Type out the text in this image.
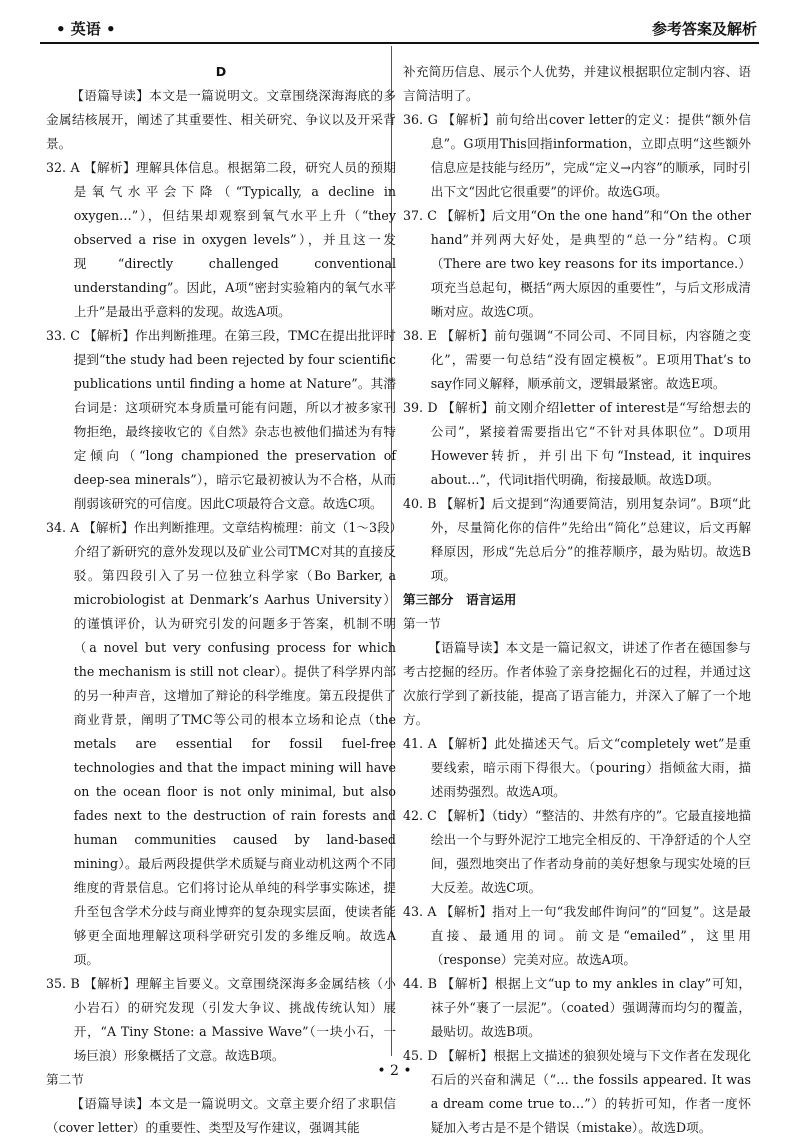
• 英语 •	参考答案及解析

D

【语篇导读】本文是一篇说明文。文章围绕深海海底的多金属结核展开，阐述了其重要性、相关研究、争议以及开采背景。

32. A 【解析】理解具体信息。根据第二段，研究人员的预期是氧气水平会下降（“Typically, a decline in oxygen…”），但结果却观察到氧气水平上升（“they observed a rise in oxygen levels”），并且这一发现“directly challenged conventional understanding”。因此，A项“密封实验箱内的氧气水平上升”是最出乎意料的发现。故选A项。

33. C 【解析】作出判断推理。在第三段，TMC在提出批评时提到“the study had been rejected by four scientific publications until finding a home at Nature”。其潜台词是：这项研究本身质量可能有问题，所以才被多家刊物拒绝，最终接收它的《自然》杂志也被他们描述为有特定倾向（“long championed the preservation of deep-sea minerals”），暗示它最初被认为不合格，从而削弱该研究的可信度。因此C项最符合文意。故选C项。

34. A 【解析】作出判断推理。文章结构梳理：前文（1～3段）介绍了新研究的意外发现以及矿业公司TMC对其的直接反驳。第四段引入了另一位独立科学家（Bo Barker, a microbiologist at Denmark’s Aarhus University）的谨慎评价，认为研究引发的问题多于答案，机制不明（a novel but very confusing process for which the mechanism is still not clear）。提供了科学界内部的另一种声音，这增加了辩论的科学维度。第五段提供了商业背景，阐明了TMC等公司的根本立场和论点（the metals are essential for fossil fuel-free technologies and that the impact mining will have on the ocean floor is not only minimal, but also fades next to the destruction of rain forests and human communities caused by land-based mining）。最后两段提供学术质疑与商业动机这两个不同维度的背景信息。它们将讨论从单纯的科学事实陈述，提升至包含学术分歧与商业博弈的复杂现实层面，使读者能够更全面地理解这项科学研究引发的多维反响。故选A项。

35. B 【解析】理解主旨要义。文章围绕深海多金属结核（小小岩石）的研究发现（引发大争议、挑战传统认知）展开，“A Tiny Stone: a Massive Wave”（一块小石，一场巨浪）形象概括了文意。故选B项。

第二节

【语篇导读】本文是一篇说明文。文章主要介绍了求职信（cover letter）的重要性、类型及写作建议，强调其能

补充简历信息、展示个人优势，并建议根据职位定制内容、语言简洁明了。

36. G 【解析】前句给出cover letter的定义：提供“额外信息”。G项用This回指information，立即点明“这些额外信息应是技能与经历”，完成“定义→内容”的顺承，同时引出下文“因此它很重要”的评价。故选G项。

37. C 【解析】后文用“On the one hand”和“On the other hand”并列两大好处，是典型的“总一分”结构。C项（There are two key reasons for its importance.）项充当总起句，概括“两大原因的重要性”，与后文形成清晰对应。故选C项。

38. E 【解析】前句强调“不同公司、不同目标，内容随之变化”，需要一句总结“没有固定模板”。E项用That’s to say作同义解释，顺承前文，逻辑最紧密。故选E项。

39. D 【解析】前文刚介绍letter of interest是“写给想去的公司”，紧接着需要指出它“不针对具体职位”。D项用However转折，并引出下句“Instead, it inquires about…”，代词it指代明确，衔接最顺。故选D项。

40. B 【解析】后文提到“沟通要简洁，别用复杂词”。B项“此外，尽量简化你的信件”先给出“简化”总建议，后文再解释原因，形成“先总后分”的推荐顺序，最为贴切。故选B项。

第三部分　语言运用

第一节

【语篇导读】本文是一篇记叙文，讲述了作者在德国参与考古挖掘的经历。作者体验了亲身挖掘化石的过程，并通过这次旅行学到了新技能，提高了语言能力，并深入了解了一个地方。

41. A 【解析】此处描述天气。后文“completely wet”是重要线索，暗示雨下得很大。（pouring）指倾盆大雨，描述雨势强烈。故选A项。

42. C 【解析】（tidy）“整洁的、井然有序的”。它最直接地描绘出一个与野外泥泞工地完全相反的、干净舒适的个人空间，强烈地突出了作者动身前的美好想象与现实处境的巨大反差。故选C项。

43. A 【解析】指对上一句“我发邮件询问”的“回复”。这是最直接、最通用的词。前文是“emailed”，这里用（response）完美对应。故选A项。

44. B 【解析】根据上文“up to my ankles in clay”可知，袜子外“裹了一层泥”。（coated）强调薄而均匀的覆盖，最贴切。故选B项。

45. D 【解析】根据上文描述的狼狈处境与下文作者在发现化石后的兴奋和满足（“… the fossils appeared. It was a dream come true to…”）的转折可知，作者一度怀疑加入考古是不是个错误（mistake）。故选D项。

• 2 •
